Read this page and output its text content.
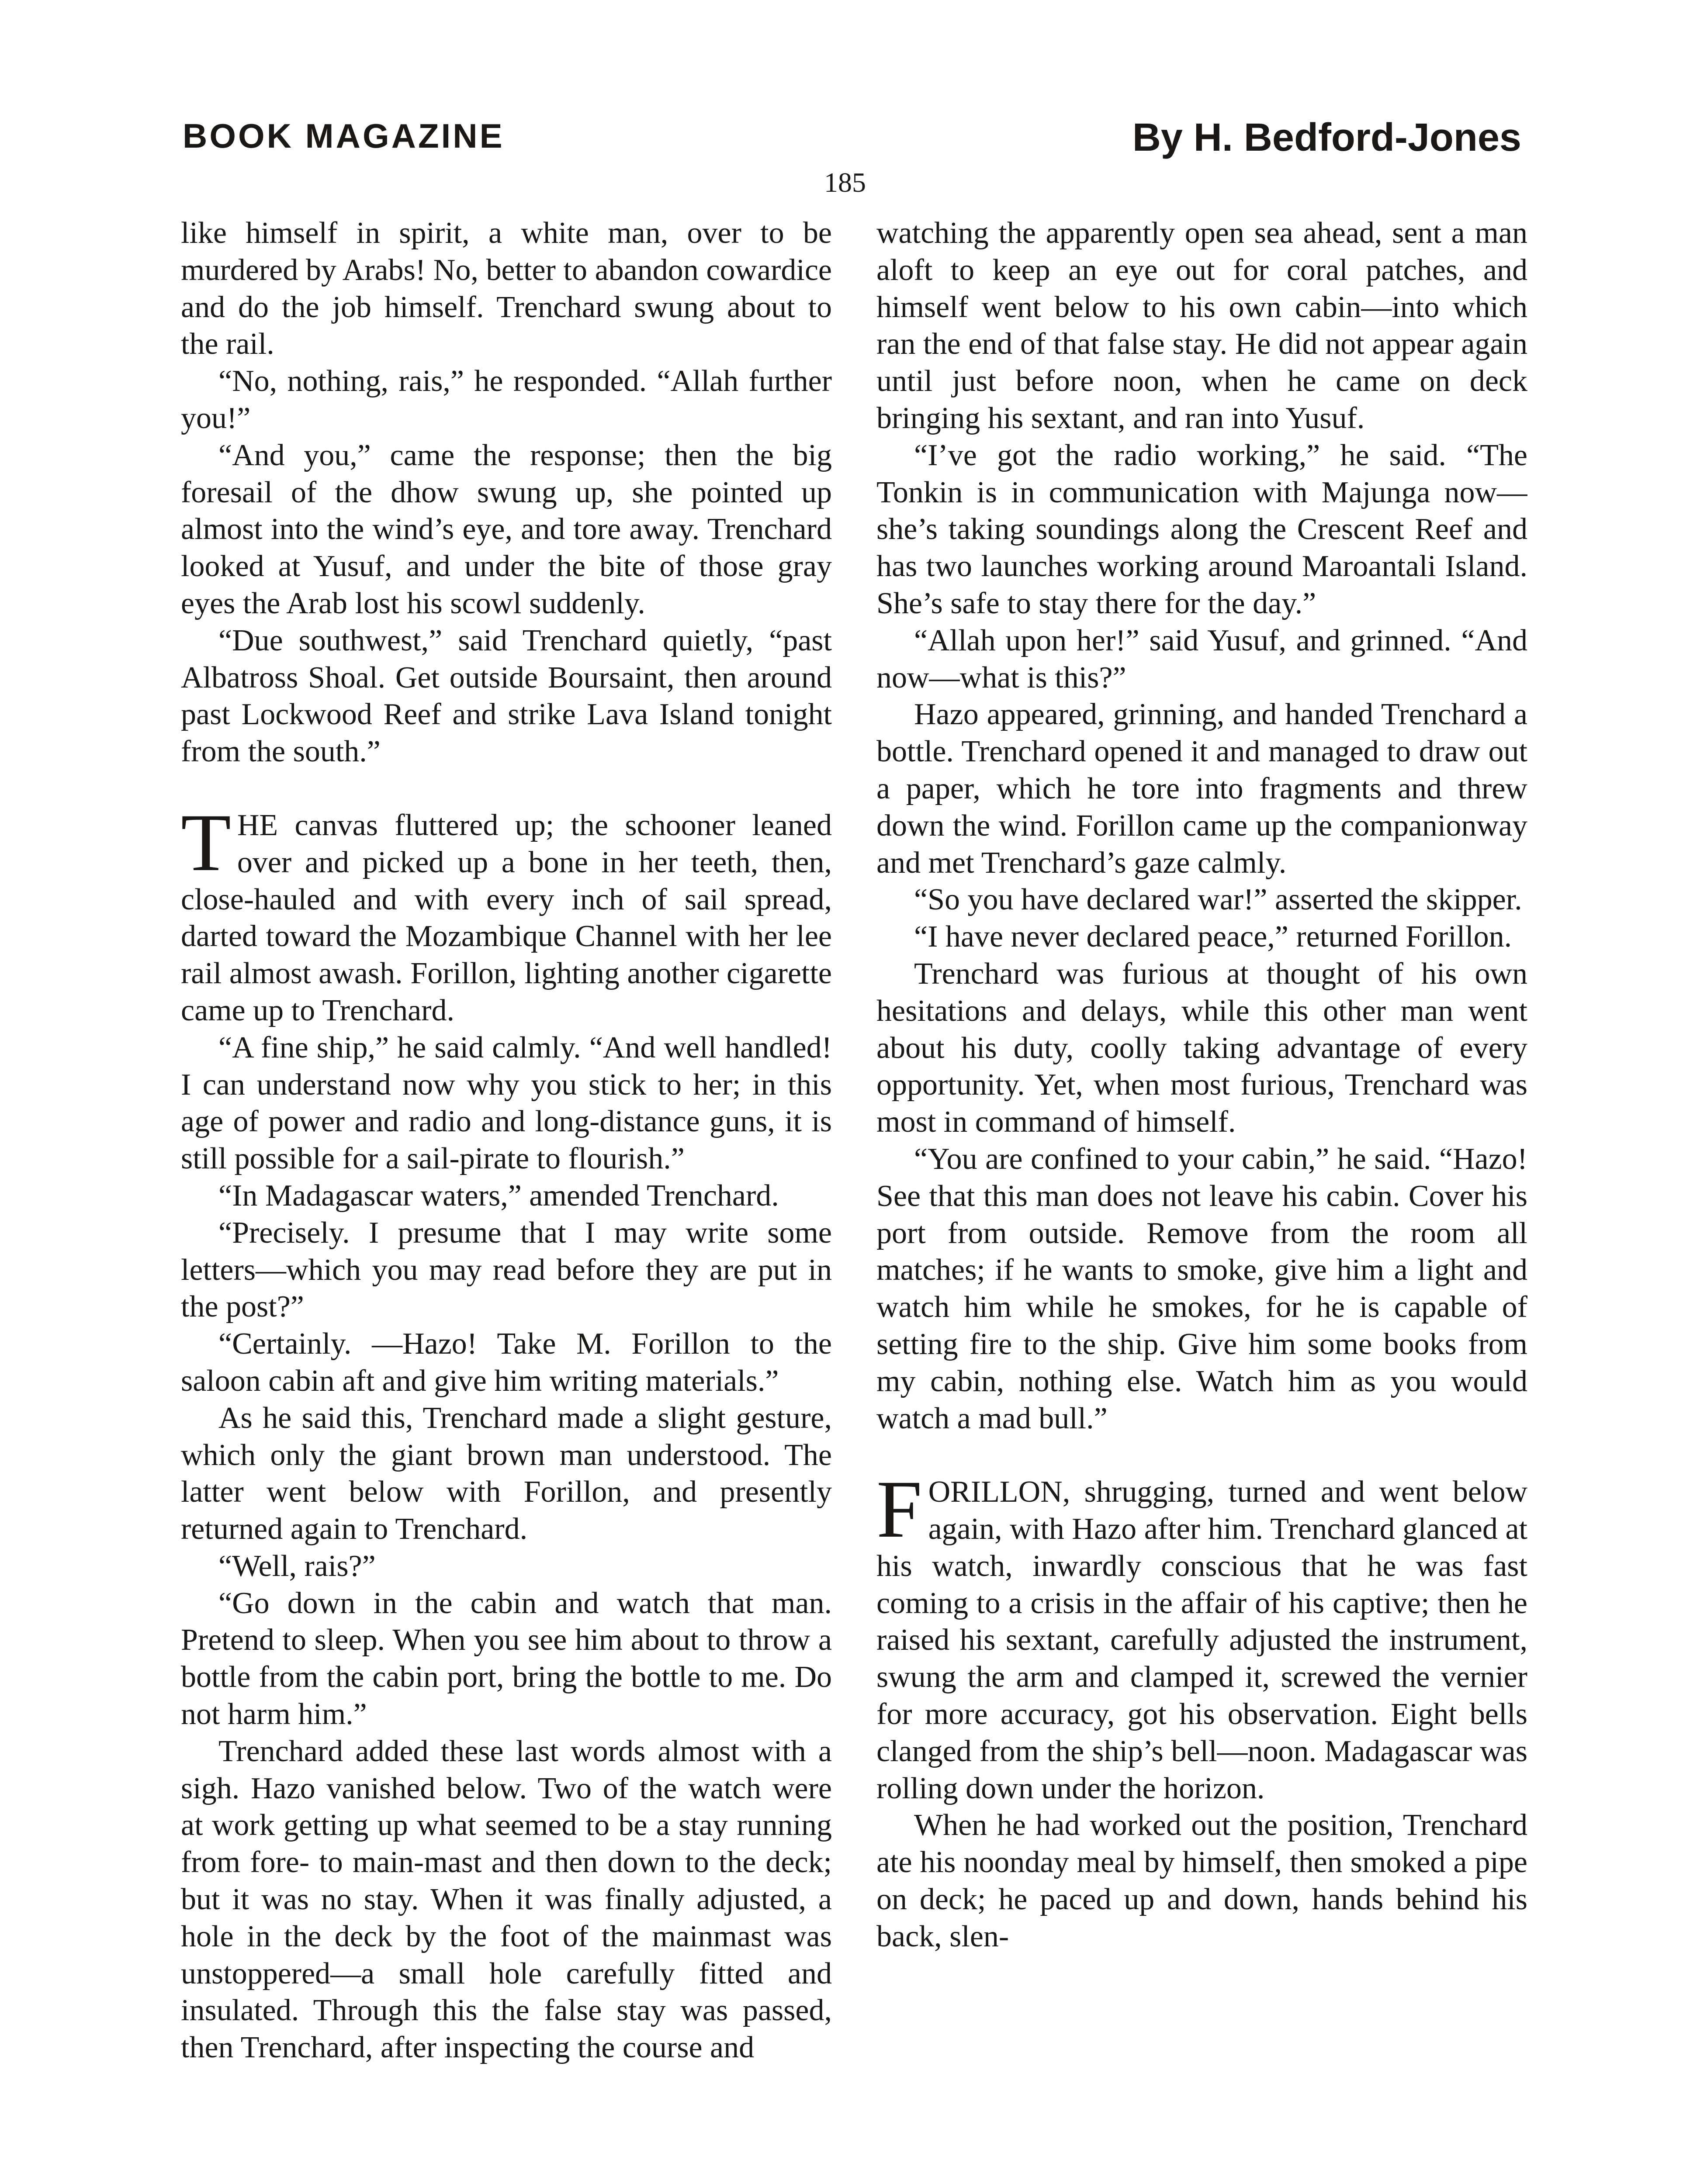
BOOK MAGAZINE	By H. Bedford-Jones
185

like himself in spirit, a white man, over to be murdered by Arabs! No, better to abandon cowardice and do the job himself. Trenchard swung about to the rail.

“No, nothing, rais,” he responded. “Allah further you!”

“And you,” came the response; then the big foresail of the dhow swung up, she pointed up almost into the wind’s eye, and tore away. Trenchard looked at Yusuf, and under the bite of those gray eyes the Arab lost his scowl suddenly.

“Due southwest,” said Trenchard quietly, “past Albatross Shoal. Get outside Boursaint, then around past Lockwood Reef and strike Lava Island tonight from the south.”

THE canvas fluttered up; the schooner leaned over and picked up a bone in her teeth, then, close-hauled and with every inch of sail spread, darted toward the Mozambique Channel with her lee rail almost awash. Forillon, lighting another cigarette came up to Trenchard.

“A fine ship,” he said calmly. “And well handled! I can understand now why you stick to her; in this age of power and radio and long-distance guns, it is still possible for a sail-pirate to flourish.”

“In Madagascar waters,” amended Trenchard.

“Precisely. I presume that I may write some letters—which you may read before they are put in the post?”

“Certainly. —Hazo! Take M. Forillon to the saloon cabin aft and give him writing materials.”

As he said this, Trenchard made a slight gesture, which only the giant brown man understood. The latter went below with Forillon, and presently returned again to Trenchard.

“Well, rais?”

“Go down in the cabin and watch that man. Pretend to sleep. When you see him about to throw a bottle from the cabin port, bring the bottle to me. Do not harm him.”

Trenchard added these last words almost with a sigh. Hazo vanished below. Two of the watch were at work getting up what seemed to be a stay running from fore- to main-mast and then down to the deck; but it was no stay. When it was finally adjusted, a hole in the deck by the foot of the mainmast was unstoppered—a small hole carefully fitted and insulated. Through this the false stay was passed, then Trenchard, after inspecting the course and

watching the apparently open sea ahead, sent a man aloft to keep an eye out for coral patches, and himself went below to his own cabin—into which ran the end of that false stay. He did not appear again until just before noon, when he came on deck bringing his sextant, and ran into Yusuf.

“I’ve got the radio working,” he said. “The Tonkin is in communication with Majunga now—she’s taking soundings along the Crescent Reef and has two launches working around Maroantali Island. She’s safe to stay there for the day.”

“Allah upon her!” said Yusuf, and grinned. “And now—what is this?”

Hazo appeared, grinning, and handed Trenchard a bottle. Trenchard opened it and managed to draw out a paper, which he tore into fragments and threw down the wind. Forillon came up the companionway and met Trenchard’s gaze calmly.

“So you have declared war!” asserted the skipper.

“I have never declared peace,” returned Forillon.

Trenchard was furious at thought of his own hesitations and delays, while this other man went about his duty, coolly taking advantage of every opportunity. Yet, when most furious, Trenchard was most in command of himself.

“You are confined to your cabin,” he said. “Hazo! See that this man does not leave his cabin. Cover his port from outside. Remove from the room all matches; if he wants to smoke, give him a light and watch him while he smokes, for he is capable of setting fire to the ship. Give him some books from my cabin, nothing else. Watch him as you would watch a mad bull.”

FORILLON, shrugging, turned and went below again, with Hazo after him. Trenchard glanced at his watch, inwardly conscious that he was fast coming to a crisis in the affair of his captive; then he raised his sextant, carefully adjusted the instrument, swung the arm and clamped it, screwed the vernier for more accuracy, got his observation. Eight bells clanged from the ship’s bell—noon. Madagascar was rolling down under the horizon.

When he had worked out the position, Trenchard ate his noonday meal by himself, then smoked a pipe on deck; he paced up and down, hands behind his back, slen-
